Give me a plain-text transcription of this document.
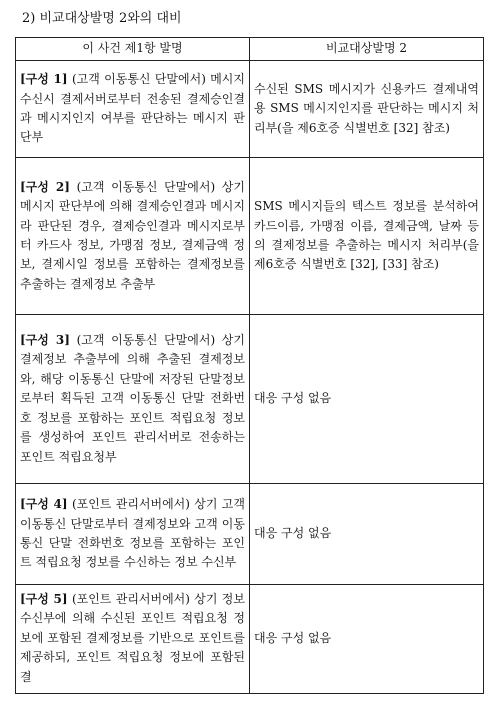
2) 비교대상발명 2와의 대비
이 사건 제1항 발명	비교대상발명 2
[구성 1] (고객 이동통신 단말에서) 메시지 수신시 결제서버로부터 전송된 결제승인결과 메시지인지 여부를 판단하는 메시지 판단부	수신된 SMS 메시지가 신용카드 결제내역용 SMS 메시지인지를 판단하는 메시지 처리부(을 제6호증 식별번호 [32] 참조)
[구성 2] (고객 이동통신 단말에서) 상기 메시지 판단부에 의해 결제승인결과 메시지라 판단된 경우, 결제승인결과 메시지로부터 카드사 정보, 가맹점 정보, 결제금액 정보, 결제시일 정보를 포함하는 결제정보를 추출하는 결제정보 추출부	SMS 메시지들의 텍스트 정보를 분석하여 카드이름, 가맹점 이름, 결제금액, 날짜 등의 결제정보를 추출하는 메시지 처리부(을 제6호증 식별번호 [32], [33] 참조)
[구성 3] (고객 이동통신 단말에서) 상기 결제정보 추출부에 의해 추출된 결제정보와, 해당 이동통신 단말에 저장된 단말정보로부터 획득된 고객 이동통신 단말 전화번호 정보를 포함하는 포인트 적립요청 정보를 생성하여 포인트 관리서버로 전송하는 포인트 적립요청부	대응 구성 없음
[구성 4] (포인트 관리서버에서) 상기 고객 이동통신 단말로부터 결제정보와 고객 이동통신 단말 전화번호 정보를 포함하는 포인트 적립요청 정보를 수신하는 정보 수신부	대응 구성 없음

[구성 5] (포인트 관리서버에서) 상기 정보 수신부에 의해 수신된 포인트 적립요청 정보에 포함된 결제정보를 기반으로 포인트를 제공하되, 포인트 적립요청 정보에 포함된 결	대응 구성 없음
